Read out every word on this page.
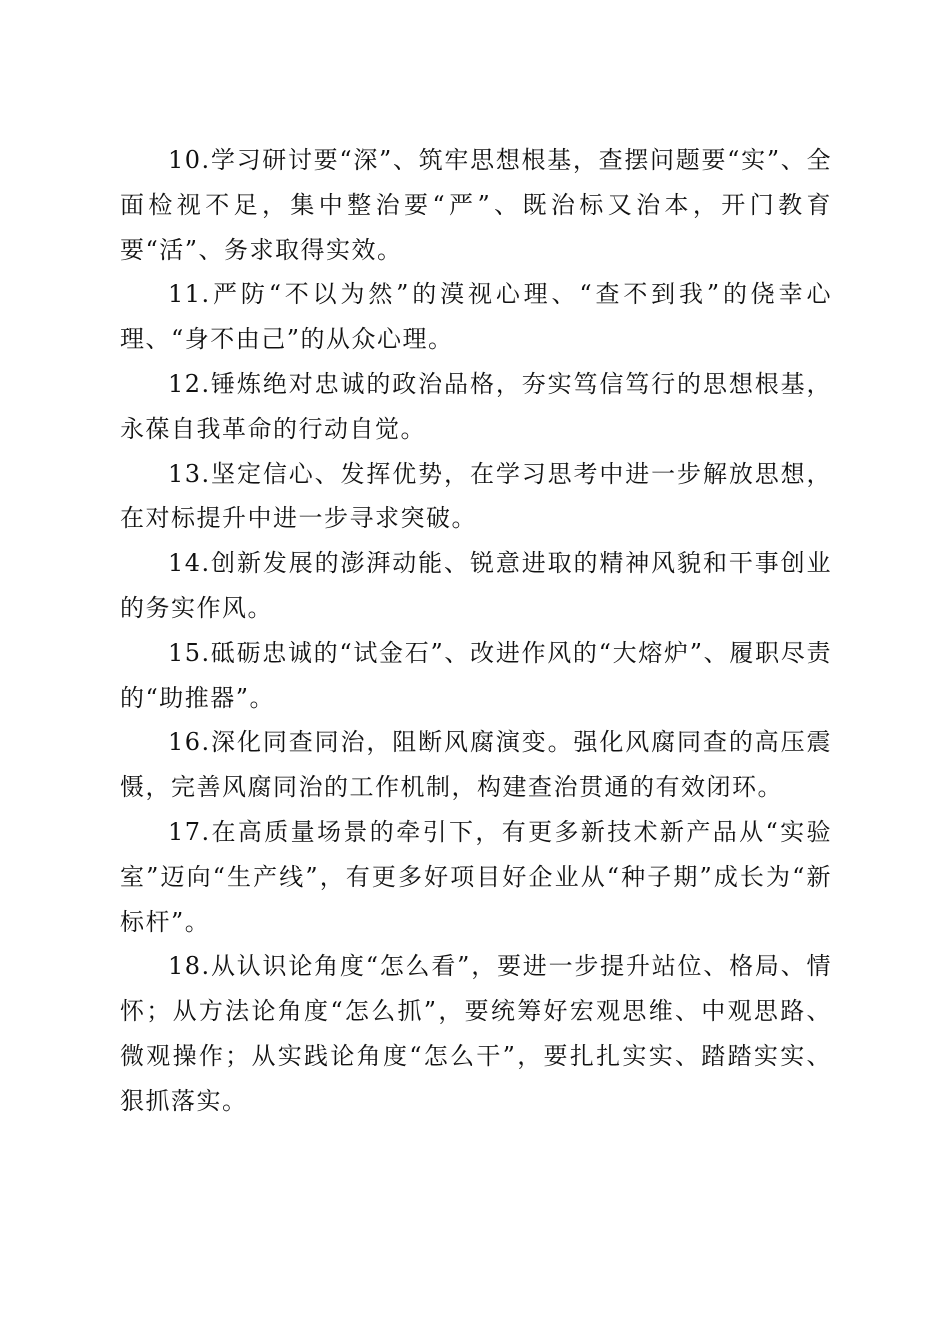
10.学习研讨要“深”、筑牢思想根基，查摆问题要“实”、全面检视不足，集中整治要“严”、既治标又治本，开门教育要“活”、务求取得实效。

11.严防“不以为然”的漠视心理、“查不到我”的侥幸心理、“身不由己”的从众心理。

12.锤炼绝对忠诚的政治品格，夯实笃信笃行的思想根基，永葆自我革命的行动自觉。

13.坚定信心、发挥优势，在学习思考中进一步解放思想，在对标提升中进一步寻求突破。

14.创新发展的澎湃动能、锐意进取的精神风貌和干事创业的务实作风。

15.砥砺忠诚的“试金石”、改进作风的“大熔炉”、履职尽责的“助推器”。

16.深化同查同治，阻断风腐演变。强化风腐同查的高压震慑，完善风腐同治的工作机制，构建查治贯通的有效闭环。

17.在高质量场景的牵引下，有更多新技术新产品从“实验室”迈向“生产线”，有更多好项目好企业从“种子期”成长为“新标杆”。

18.从认识论角度“怎么看”，要进一步提升站位、格局、情怀；从方法论角度“怎么抓”，要统筹好宏观思维、中观思路、微观操作；从实践论角度“怎么干”，要扎扎实实、踏踏实实、狠抓落实。
